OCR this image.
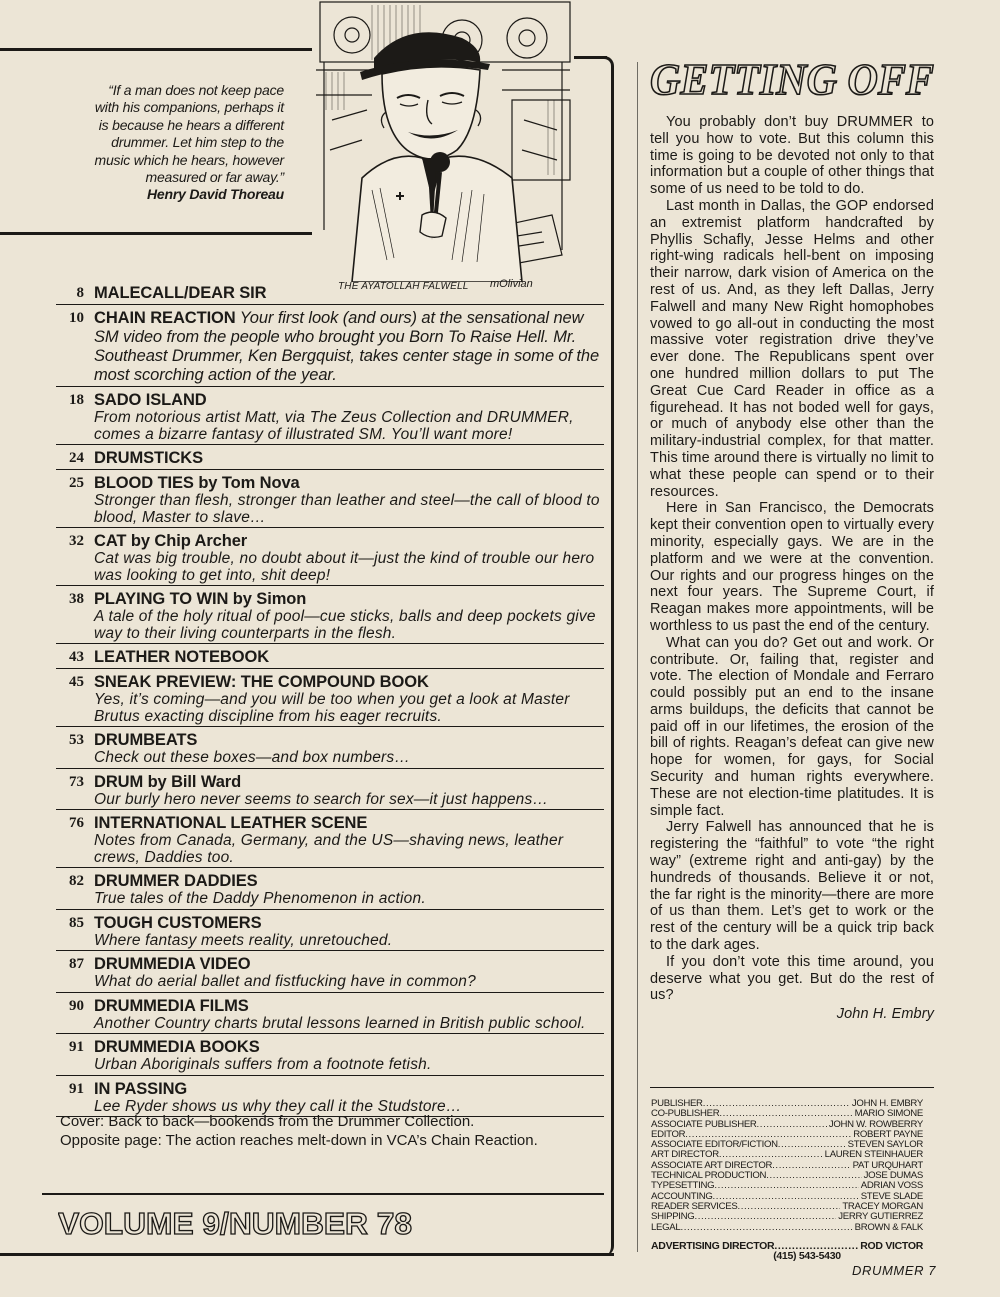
“If a man does not keep pace with his companions, perhaps it is because he hears a different drummer. Let him step to the music which he hears, however measured or far away.”
Henry David Thoreau
THE AYATOLLAH FALWELL mOlivian
8 MALECALL/DEAR SIR
10 CHAIN REACTION Your first look (and ours) at the sensational new SM video from the people who brought you Born To Raise Hell. Mr. Southeast Drummer, Ken Bergquist, takes center stage in some of the most scorching action of the year.
18 SADO ISLAND
From notorious artist Matt, via The Zeus Collection and DRUMMER, comes a bizarre fantasy of illustrated SM. You’ll want more!
24 DRUMSTICKS
25 BLOOD TIES by Tom Nova
Stronger than flesh, stronger than leather and steel—the call of blood to blood, Master to slave…
32 CAT by Chip Archer
Cat was big trouble, no doubt about it—just the kind of trouble our hero was looking to get into, shit deep!
38 PLAYING TO WIN by Simon
A tale of the holy ritual of pool—cue sticks, balls and deep pockets give way to their living counterparts in the flesh.
43 LEATHER NOTEBOOK
45 SNEAK PREVIEW: THE COMPOUND BOOK
Yes, it’s coming—and you will be too when you get a look at Master Brutus exacting discipline from his eager recruits.
53 DRUMBEATS
Check out these boxes—and box numbers…
73 DRUM by Bill Ward
Our burly hero never seems to search for sex—it just happens…
76 INTERNATIONAL LEATHER SCENE
Notes from Canada, Germany, and the US—shaving news, leather crews, Daddies too.
82 DRUMMER DADDIES
True tales of the Daddy Phenomenon in action.
85 TOUGH CUSTOMERS
Where fantasy meets reality, unretouched.
87 DRUMMEDIA VIDEO
What do aerial ballet and fistfucking have in common?
90 DRUMMEDIA FILMS
Another Country charts brutal lessons learned in British public school.
91 DRUMMEDIA BOOKS
Urban Aboriginals suffers from a footnote fetish.
91 IN PASSING
Lee Ryder shows us why they call it the Studstore…
Cover: Back to back—bookends from the Drummer Collection.
Opposite page: The action reaches melt-down in VCA’s Chain Reaction.
VOLUME 9/NUMBER 78
GETTING OFF

You probably don’t buy DRUMMER to tell you how to vote. But this column this time is going to be devoted not only to that information but a couple of other things that some of us need to be told to do.

Last month in Dallas, the GOP endorsed an extremist platform handcrafted by Phyllis Schafly, Jesse Helms and other right-wing radicals hell-bent on imposing their narrow, dark vision of America on the rest of us. And, as they left Dallas, Jerry Falwell and many New Right homophobes vowed to go all-out in conducting the most massive voter registration drive they’ve ever done. The Republicans spent over one hundred million dollars to put The Great Cue Card Reader in office as a figurehead. It has not boded well for gays, or much of anybody else other than the military-industrial complex, for that matter. This time around there is virtually no limit to what these people can spend or to their resources.

Here in San Francisco, the Democrats kept their convention open to virtually every minority, especially gays. We are in the platform and we were at the convention. Our rights and our progress hinges on the next four years. The Supreme Court, if Reagan makes more appointments, will be worthless to us past the end of the century.

What can you do? Get out and work. Or contribute. Or, failing that, register and vote. The election of Mondale and Ferraro could possibly put an end to the insane arms buildups, the deficits that cannot be paid off in our lifetimes, the erosion of the bill of rights. Reagan’s defeat can give new hope for women, for gays, for Social Security and human rights everywhere. These are not election-time platitudes. It is simple fact.

Jerry Falwell has announced that he is registering the “faithful” to vote “the right way” (extreme right and anti-gay) by the hundreds of thousands. Believe it or not, the far right is the minority—there are more of us than them. Let’s get to work or the rest of the century will be a quick trip back to the dark ages.

If you don’t vote this time around, you deserve what you get. But do the rest of us?

John H. Embry

PUBLISHER .....	JOHN H. EMBRY
CO-PUBLISHER .....	MARIO SIMONE
ASSOCIATE PUBLISHER .....	JOHN W. ROWBERRY
EDITOR .....	ROBERT PAYNE
ASSOCIATE EDITOR/FICTION .....	STEVEN SAYLOR
ART DIRECTOR .....	LAUREN STEINHAUER
ASSOCIATE ART DIRECTOR .....	PAT URQUHART
TECHNICAL PRODUCTION .....	JOSE DUMAS
TYPESETTING .....	ADRIAN VOSS
ACCOUNTING .....	STEVE SLADE
READER SERVICES .....	TRACEY MORGAN
SHIPPING .....	JERRY GUTIERREZ
LEGAL .....	BROWN & FALK
ADVERTISING DIRECTOR .....	ROD VICTOR
(415) 543-5430
DRUMMER 7
